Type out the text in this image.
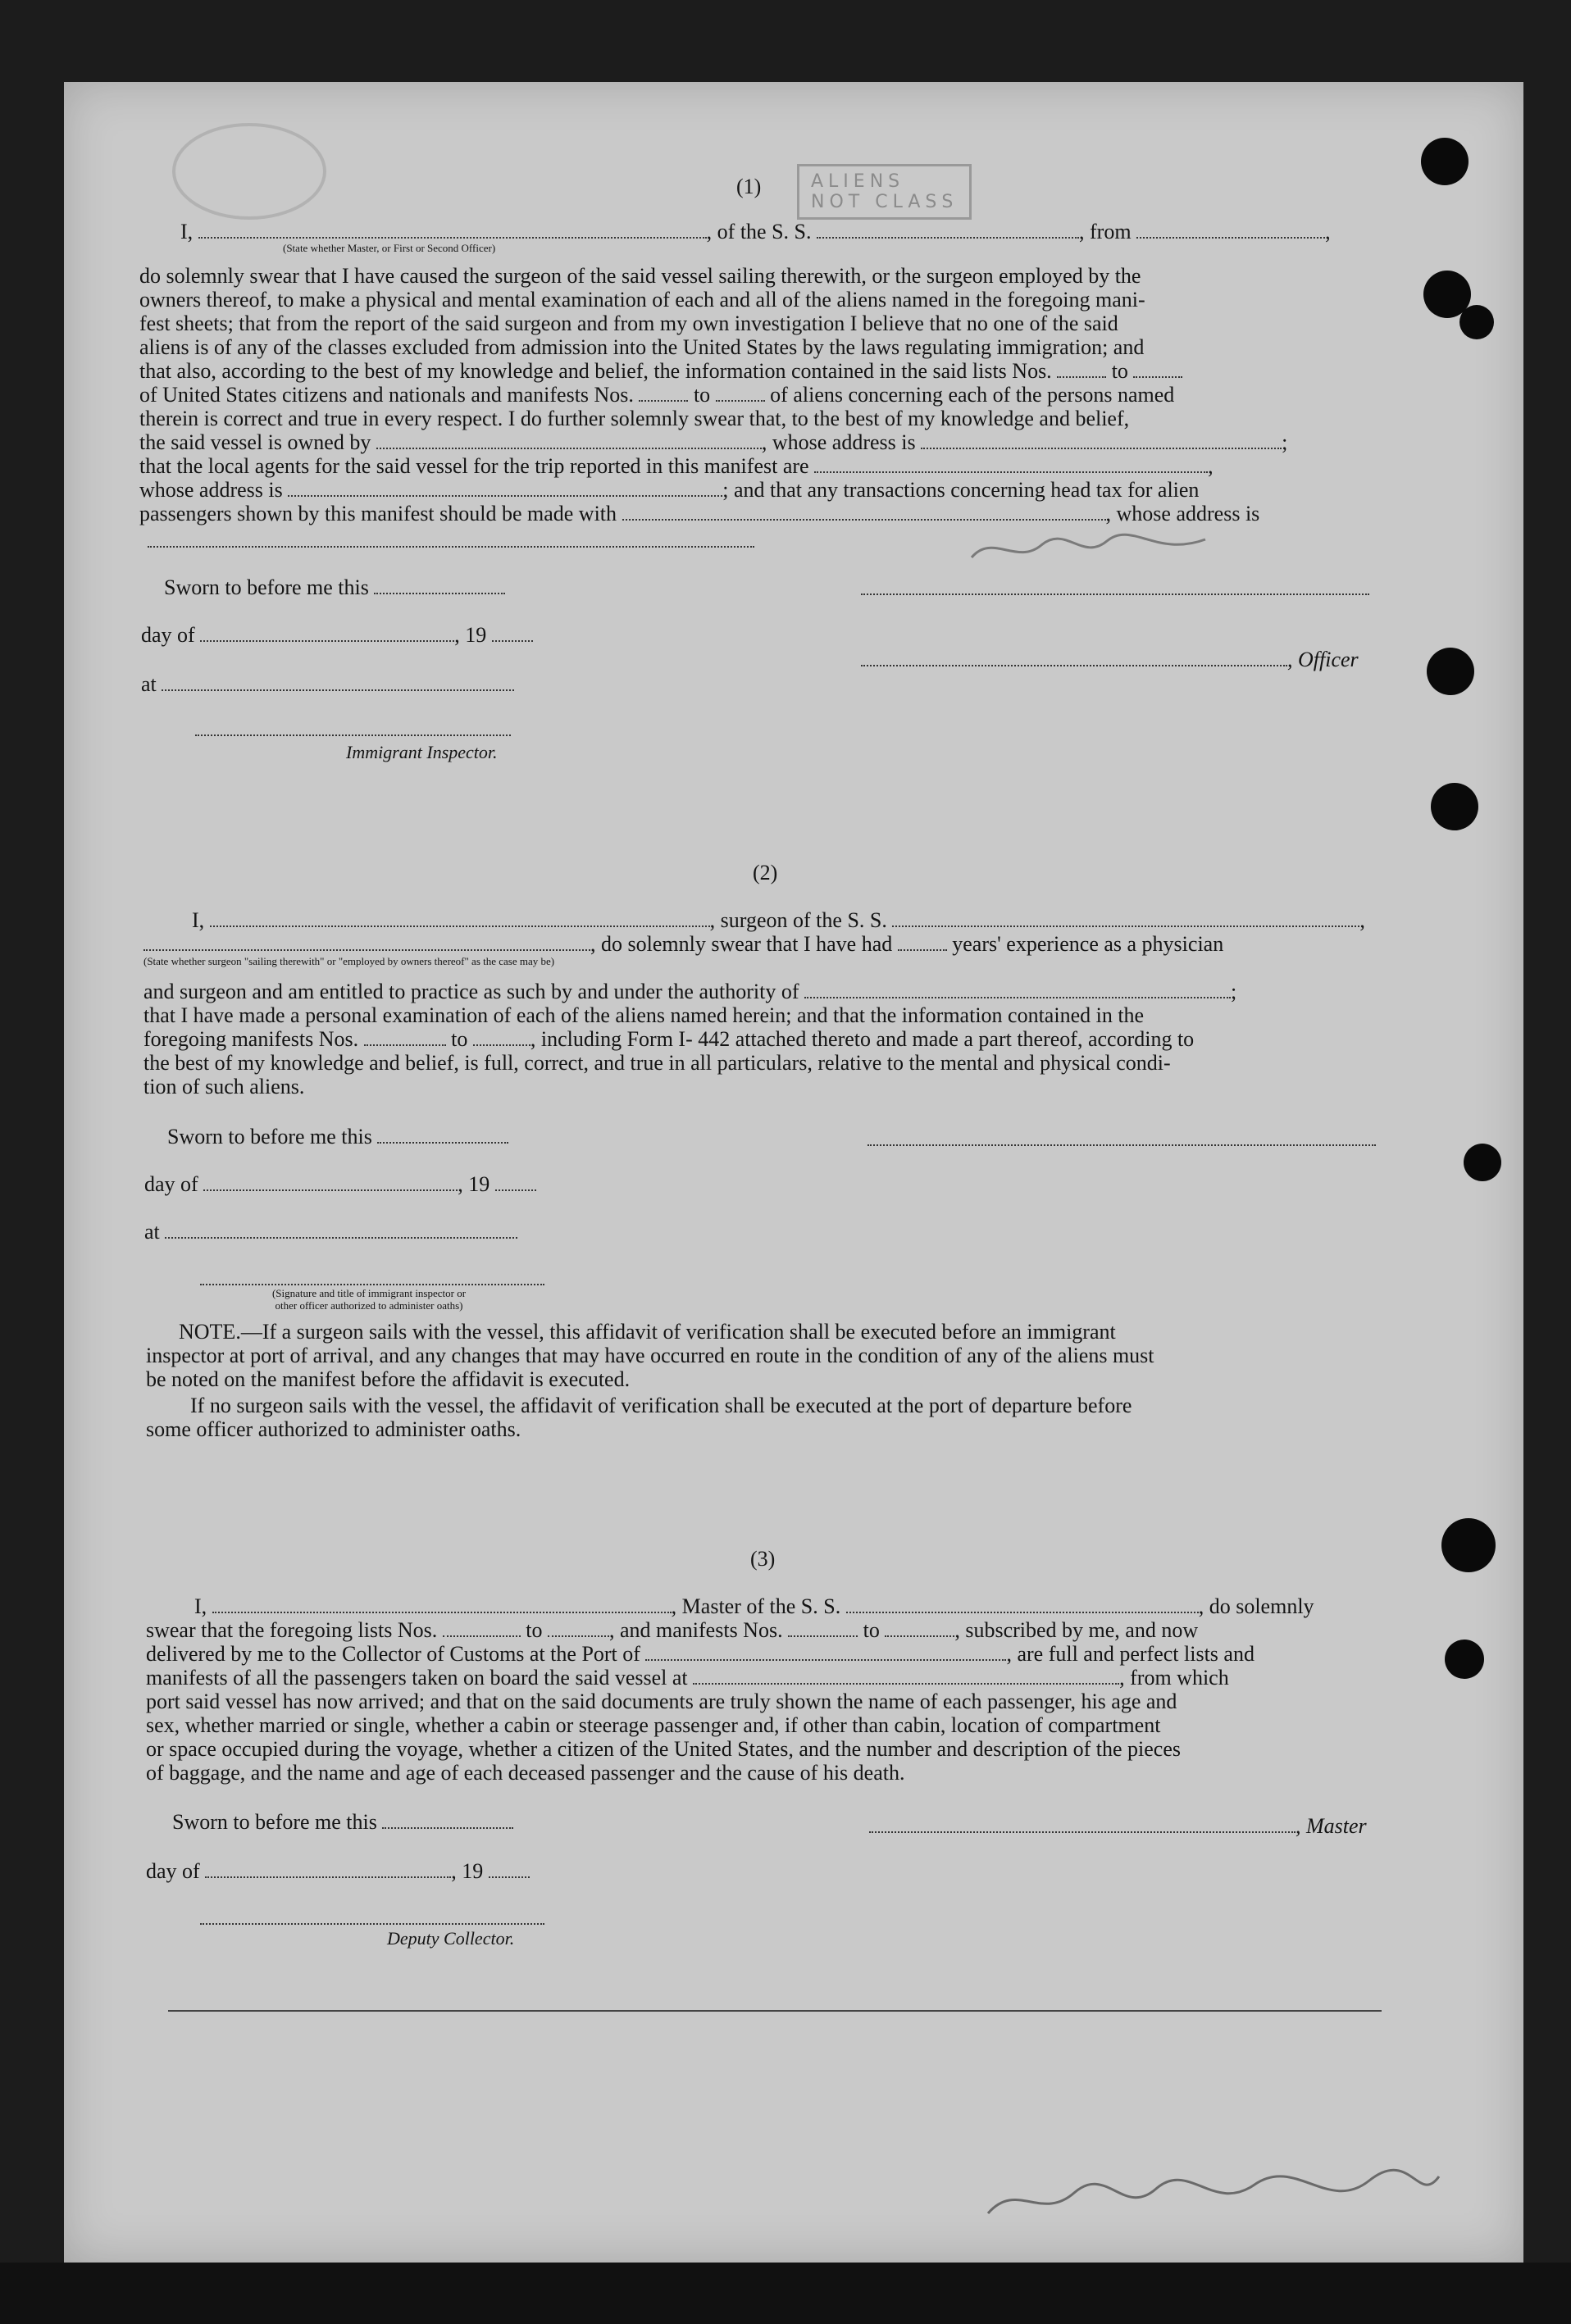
ALIENS
NOT CLASS
(1)
I,	, of the S. S.	, from	,
(State whether Master, or First or Second Officer)
do solemnly swear that I have caused the surgeon of the said vessel sailing therewith, or the surgeon employed by the
owners thereof, to make a physical and mental examination of each and all of the aliens named in the foregoing mani-
fest sheets; that from the report of the said surgeon and from my own investigation I believe that no one of the said
aliens is of any of the classes excluded from admission into the United States by the laws regulating immigration; and
that also, according to the best of my knowledge and belief, the information contained in the said lists Nos.	to
of United States citizens and nationals and manifests Nos.	to	of aliens concerning each of the persons named
therein is correct and true in every respect. I do further solemnly swear that, to the best of my knowledge and belief,
the said vessel is owned by	, whose address is	;
that the local agents for the said vessel for the trip reported in this manifest are	,
whose address is	; and that any transactions concerning head tax for alien
passengers shown by this manifest should be made with	, whose address is
Sworn to before me this
day of	, 19
, Officer
at
Immigrant Inspector.
(2)
I,	, surgeon of the S. S.	,
, do solemnly swear that I have had	years' experience as a physician
(State whether surgeon "sailing therewith" or "employed by owners thereof" as the case may be)
and surgeon and am entitled to practice as such by and under the authority of	;
that I have made a personal examination of each of the aliens named herein; and that the information contained in the
foregoing manifests Nos.	to	, including Form I- 442 attached thereto and made a part thereof, according to
the best of my knowledge and belief, is full, correct, and true in all particulars, relative to the mental and physical condi-
tion of such aliens.
Sworn to before me this
day of	, 19
at
(Signature and title of immigrant inspector or
other officer authorized to administer oaths)
NOTE.—If a surgeon sails with the vessel, this affidavit of verification shall be executed before an immigrant
inspector at port of arrival, and any changes that may have occurred en route in the condition of any of the aliens must
be noted on the manifest before the affidavit is executed.
If no surgeon sails with the vessel, the affidavit of verification shall be executed at the port of departure before
some officer authorized to administer oaths.
(3)
I,	, Master of the S. S.	, do solemnly
swear that the foregoing lists Nos.	to	, and manifests Nos.	to	, subscribed by me, and now
delivered by me to the Collector of Customs at the Port of	, are full and perfect lists and
manifests of all the passengers taken on board the said vessel at	, from which
port said vessel has now arrived; and that on the said documents are truly shown the name of each passenger, his age and
sex, whether married or single, whether a cabin or steerage passenger and, if other than cabin, location of compartment
or space occupied during the voyage, whether a citizen of the United States, and the number and description of the pieces
of baggage, and the name and age of each deceased passenger and the cause of his death.
Sworn to before me this	, Master
day of	, 19
Deputy Collector.
